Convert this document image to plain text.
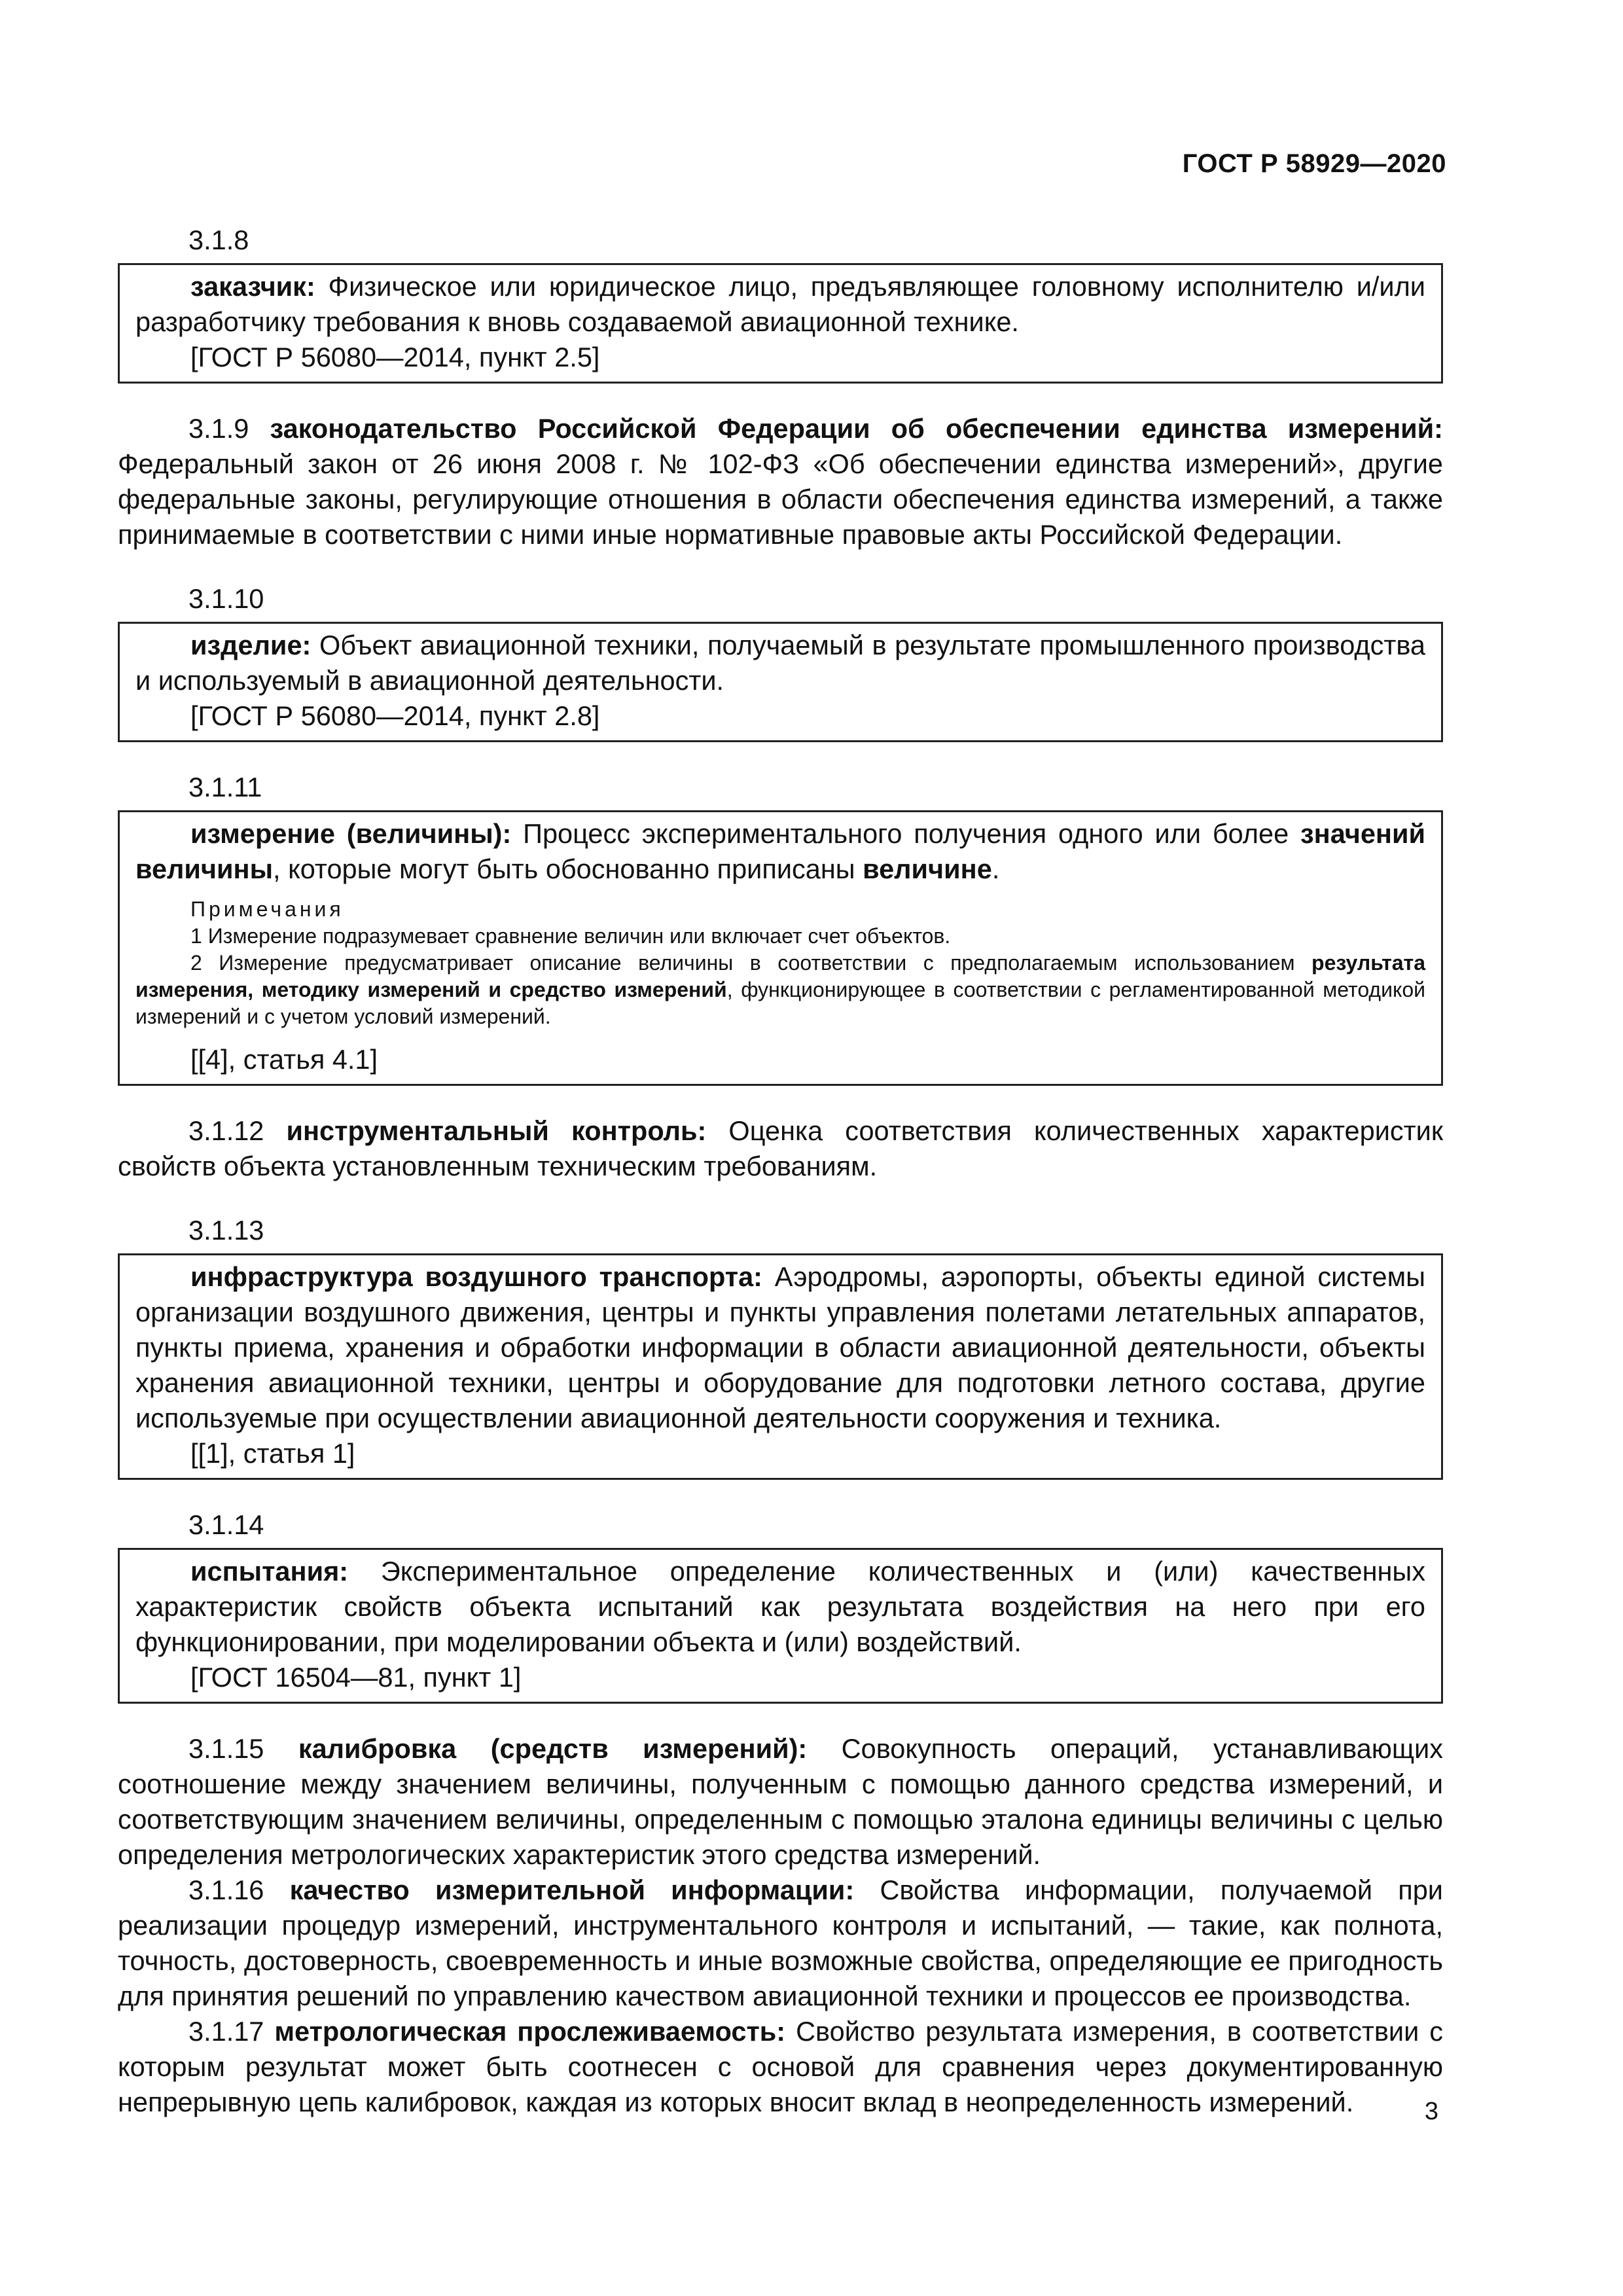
ГОСТ Р 58929—2020

3.1.8

заказчик: Физическое или юридическое лицо, предъявляющее головному исполнителю и/или разработчику требования к вновь создаваемой авиационной технике.

[ГОСТ Р 56080—2014, пункт 2.5]

3.1.9 законодательство Российской Федерации об обеспечении единства измерений: Федеральный закон от 26 июня 2008 г. № 102-ФЗ «Об обеспечении единства измерений», другие федеральные законы, регулирующие отношения в области обеспечения единства измерений, а также принимаемые в соответствии с ними иные нормативные правовые акты Российской Федерации.

3.1.10

изделие: Объект авиационной техники, получаемый в результате промышленного производства и используемый в авиационной деятельности.

[ГОСТ Р 56080—2014, пункт 2.8]

3.1.11

измерение (величины): Процесс экспериментального получения одного или более значений величины, которые могут быть обоснованно приписаны величине.

Примечания

1 Измерение подразумевает сравнение величин или включает счет объектов.

2 Измерение предусматривает описание величины в соответствии с предполагаемым использованием результата измерения, методику измерений и средство измерений, функционирующее в соответствии с регламентированной методикой измерений и с учетом условий измерений.

[[4], статья 4.1]

3.1.12 инструментальный контроль: Оценка соответствия количественных характеристик свойств объекта установленным техническим требованиям.

3.1.13

инфраструктура воздушного транспорта: Аэродромы, аэропорты, объекты единой системы организации воздушного движения, центры и пункты управления полетами летательных аппаратов, пункты приема, хранения и обработки информации в области авиационной деятельности, объекты хранения авиационной техники, центры и оборудование для подготовки летного состава, другие используемые при осуществлении авиационной деятельности сооружения и техника.

[[1], статья 1]

3.1.14

испытания: Экспериментальное определение количественных и (или) качественных характеристик свойств объекта испытаний как результата воздействия на него при его функционировании, при моделировании объекта и (или) воздействий.

[ГОСТ 16504—81, пункт 1]

3.1.15 калибровка (средств измерений): Совокупность операций, устанавливающих соотношение между значением величины, полученным с помощью данного средства измерений, и соответствующим значением величины, определенным с помощью эталона единицы величины с целью определения метрологических характеристик этого средства измерений.

3.1.16 качество измерительной информации: Свойства информации, получаемой при реализации процедур измерений, инструментального контроля и испытаний, — такие, как полнота, точность, достоверность, своевременность и иные возможные свойства, определяющие ее пригодность для принятия решений по управлению качеством авиационной техники и процессов ее производства.

3.1.17 метрологическая прослеживаемость: Свойство результата измерения, в соответствии с которым результат может быть соотнесен с основой для сравнения через документированную непрерывную цепь калибровок, каждая из которых вносит вклад в неопределенность измерений.	3
